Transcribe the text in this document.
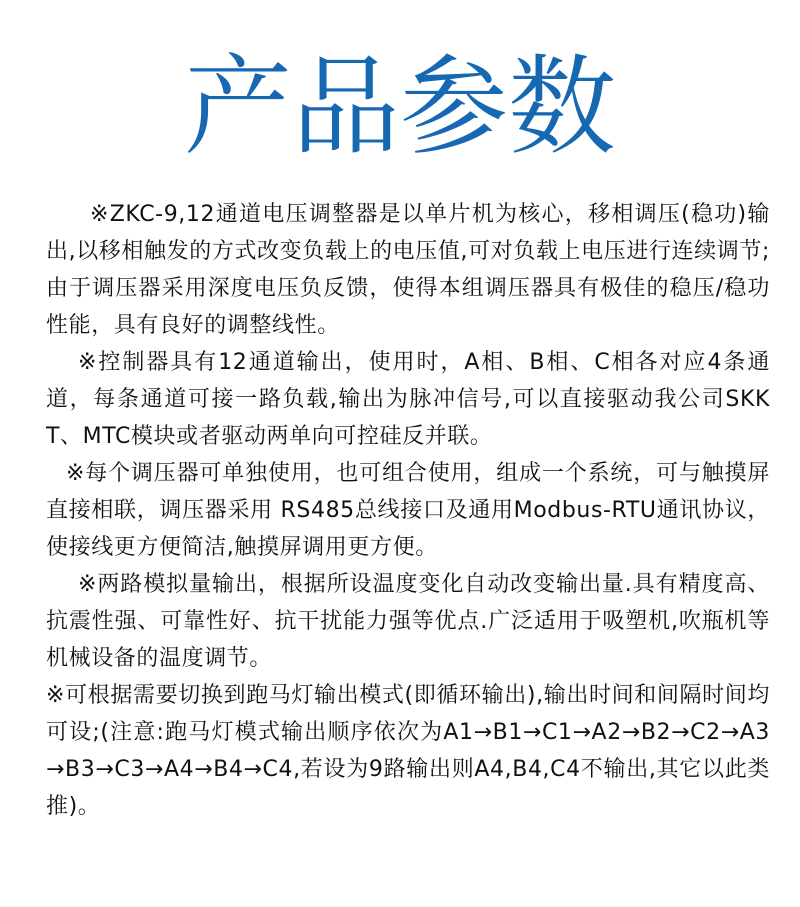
产品参数

※ZKC-9,12通道电压调整器是以单片机为核心，移相调压(稳功)输出,以移相触发的方式改变负载上的电压值,可对负载上电压进行连续调节;由于调压器采用深度电压负反馈，使得本组调压器具有极佳的稳压/稳功性能，具有良好的调整线性。

※控制器具有12通道输出，使用时，A相、B相、C相各对应4条通道，每条通道可接一路负载,输出为脉冲信号,可以直接驱动我公司SKKT、MTC模块或者驱动两单向可控硅反并联。

※每个调压器可单独使用，也可组合使用，组成一个系统，可与触摸屏直接相联，调压器采用 RS485总线接口及通用Modbus-RTU通讯协议，使接线更方便简洁,触摸屏调用更方便。

※两路模拟量输出，根据所设温度变化自动改变输出量.具有精度高、抗震性强、可靠性好、抗干扰能力强等优点.广泛适用于吸塑机,吹瓶机等机械设备的温度调节。

※可根据需要切换到跑马灯输出模式(即循环输出),输出时间和间隔时间均可设;(注意:跑马灯模式输出顺序依次为A1→B1→C1→A2→B2→C2→A3→B3→C3→A4→B4→C4,若设为9路输出则A4,B4,C4不输出,其它以此类推)。
